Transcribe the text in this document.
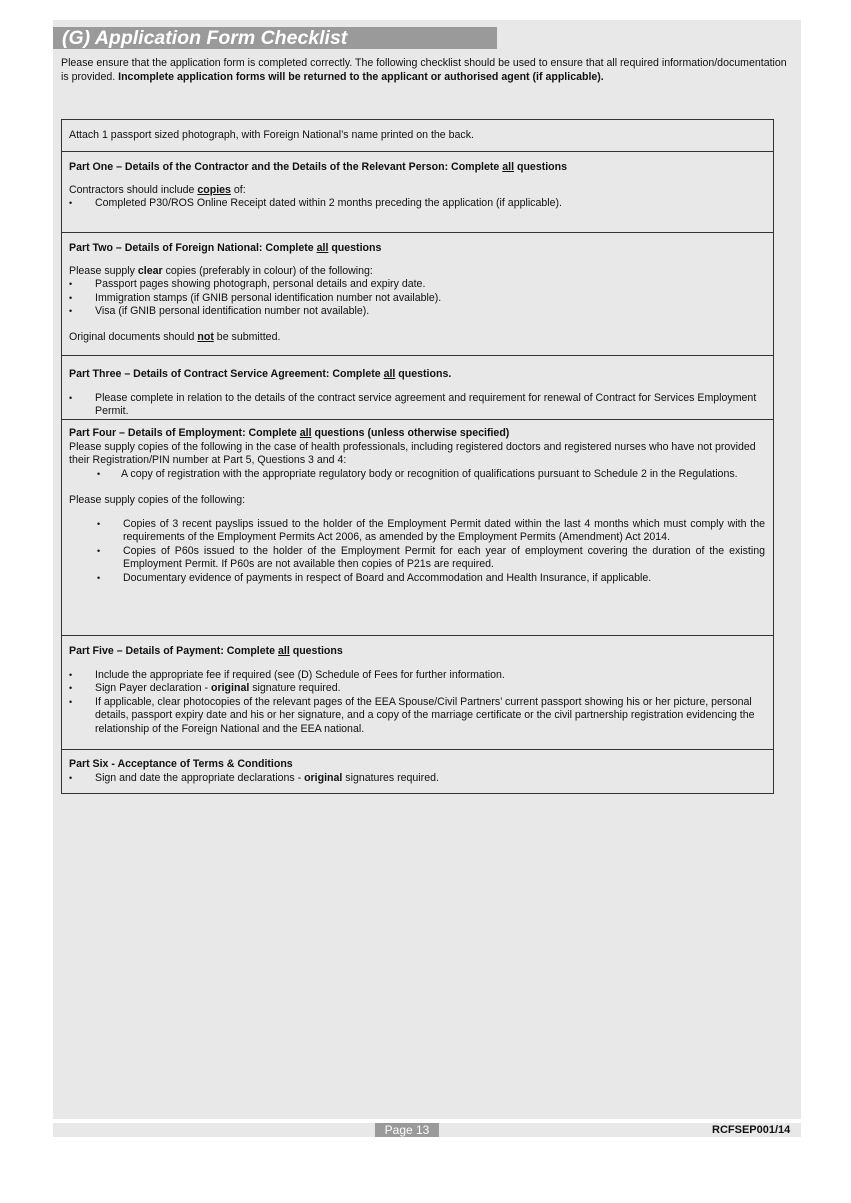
(G) Application Form Checklist
Please ensure that the application form is completed correctly. The following checklist should be used to ensure that all required information/documentation is provided. Incomplete application forms will be returned to the applicant or authorised agent (if applicable).
Attach 1 passport sized photograph, with Foreign National’s name printed on the back.
Part One – Details of the Contractor and the Details of the Relevant Person: Complete all questions
Contractors should include copies of:
• Completed P30/ROS Online Receipt dated within 2 months preceding the application (if applicable).
Part Two – Details of Foreign National: Complete all questions
Please supply clear copies (preferably in colour) of the following:
• Passport pages showing photograph, personal details and expiry date.
• Immigration stamps (if GNIB personal identification number not available).
• Visa (if GNIB personal identification number not available).
Original documents should not be submitted.
Part Three – Details of Contract Service Agreement: Complete all questions.
• Please complete in relation to the details of the contract service agreement and requirement for renewal of Contract for Services Employment Permit.
Part Four – Details of Employment: Complete all questions (unless otherwise specified)
Please supply copies of the following in the case of health professionals, including registered doctors and registered nurses who have not provided their Registration/PIN number at Part 5, Questions 3 and 4:
• A copy of registration with the appropriate regulatory body or recognition of qualifications pursuant to Schedule 2 in the Regulations.
Please supply copies of the following:
• Copies of 3 recent payslips issued to the holder of the Employment Permit dated within the last 4 months which must comply with the requirements of the Employment Permits Act 2006, as amended by the Employment Permits (Amendment) Act 2014.
• Copies of P60s issued to the holder of the Employment Permit for each year of employment covering the duration of the existing Employment Permit. If P60s are not available then copies of P21s are required.
• Documentary evidence of payments in respect of Board and Accommodation and Health Insurance, if applicable.
Part Five – Details of Payment: Complete all questions
• Include the appropriate fee if required (see (D) Schedule of Fees for further information.
• Sign Payer declaration - original signature required.
• If applicable, clear photocopies of the relevant pages of the EEA Spouse/Civil Partners’ current passport showing his or her picture, personal details, passport expiry date and his or her signature, and a copy of the marriage certificate or the civil partnership registration evidencing the relationship of the Foreign National and the EEA national.
Part Six - Acceptance of Terms & Conditions
• Sign and date the appropriate declarations - original signatures required.
Page 13	RCFSEP001/14
